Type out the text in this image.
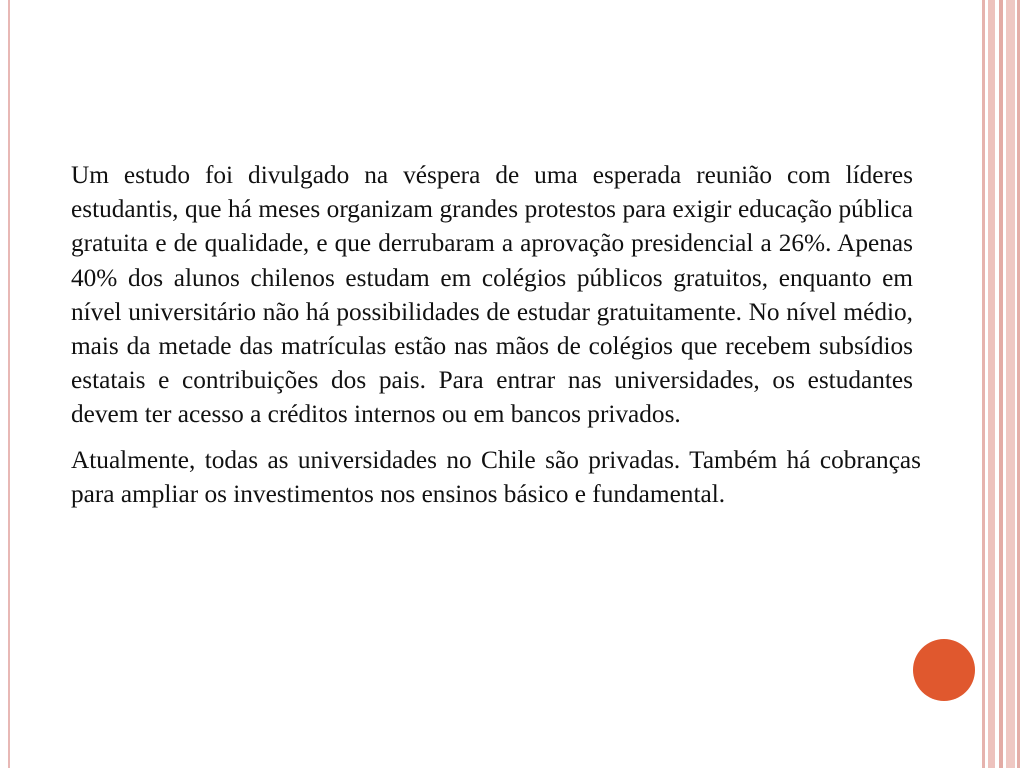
Um estudo foi divulgado na véspera de uma esperada reunião com líderes estudantis, que há meses organizam grandes protestos para exigir educação pública gratuita e de qualidade, e que derrubaram a aprovação presidencial a 26%. Apenas 40% dos alunos chilenos estudam em colégios públicos gratuitos, enquanto em nível universitário não há possibilidades de estudar gratuitamente. No nível médio, mais da metade das matrículas estão nas mãos de colégios que recebem subsídios estatais e contribuições dos pais. Para entrar nas universidades, os estudantes devem ter acesso a créditos internos ou em bancos privados.

Atualmente, todas as universidades no Chile são privadas. Também há cobranças para ampliar os investimentos nos ensinos básico e fundamental.
